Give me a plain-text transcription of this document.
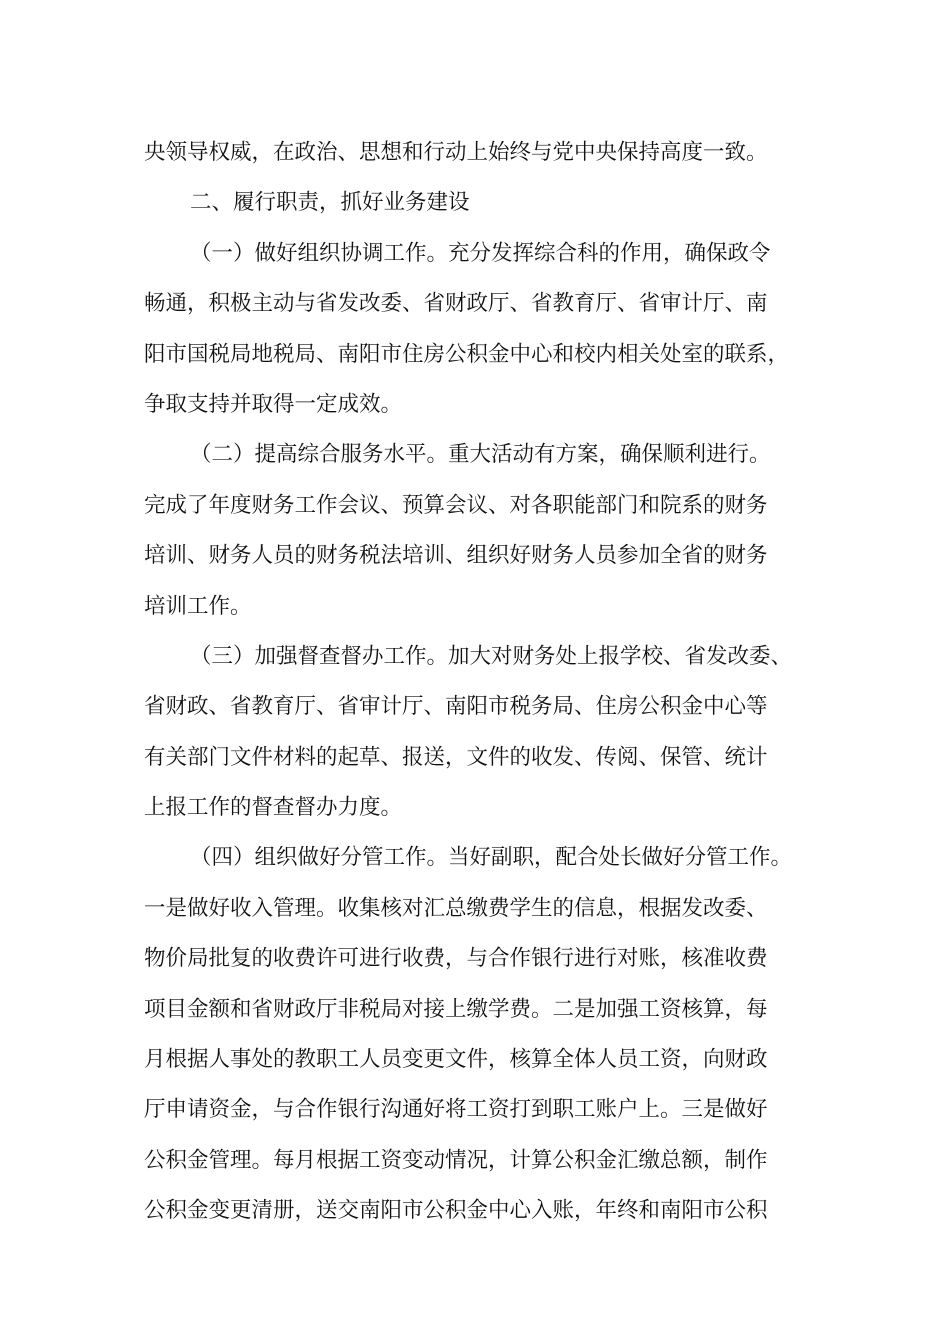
央领导权威，在政治、思想和行动上始终与党中央保持高度一致。
二、履行职责，抓好业务建设
（一）做好组织协调工作。充分发挥综合科的作用，确保政令
畅通，积极主动与省发改委、省财政厅、省教育厅、省审计厅、南
阳市国税局地税局、南阳市住房公积金中心和校内相关处室的联系，
争取支持并取得一定成效。
（二）提高综合服务水平。重大活动有方案，确保顺利进行。
完成了年度财务工作会议、预算会议、对各职能部门和院系的财务
培训、财务人员的财务税法培训、组织好财务人员参加全省的财务
培训工作。
（三）加强督查督办工作。加大对财务处上报学校、省发改委、
省财政、省教育厅、省审计厅、南阳市税务局、住房公积金中心等
有关部门文件材料的起草、报送，文件的收发、传阅、保管、统计
上报工作的督查督办力度。
（四）组织做好分管工作。当好副职，配合处长做好分管工作。
一是做好收入管理。收集核对汇总缴费学生的信息，根据发改委、
物价局批复的收费许可进行收费，与合作银行进行对账，核准收费
项目金额和省财政厅非税局对接上缴学费。二是加强工资核算，每
月根据人事处的教职工人员变更文件，核算全体人员工资，向财政
厅申请资金，与合作银行沟通好将工资打到职工账户上。三是做好
公积金管理。每月根据工资变动情况，计算公积金汇缴总额，制作
公积金变更清册，送交南阳市公积金中心入账，年终和南阳市公积
